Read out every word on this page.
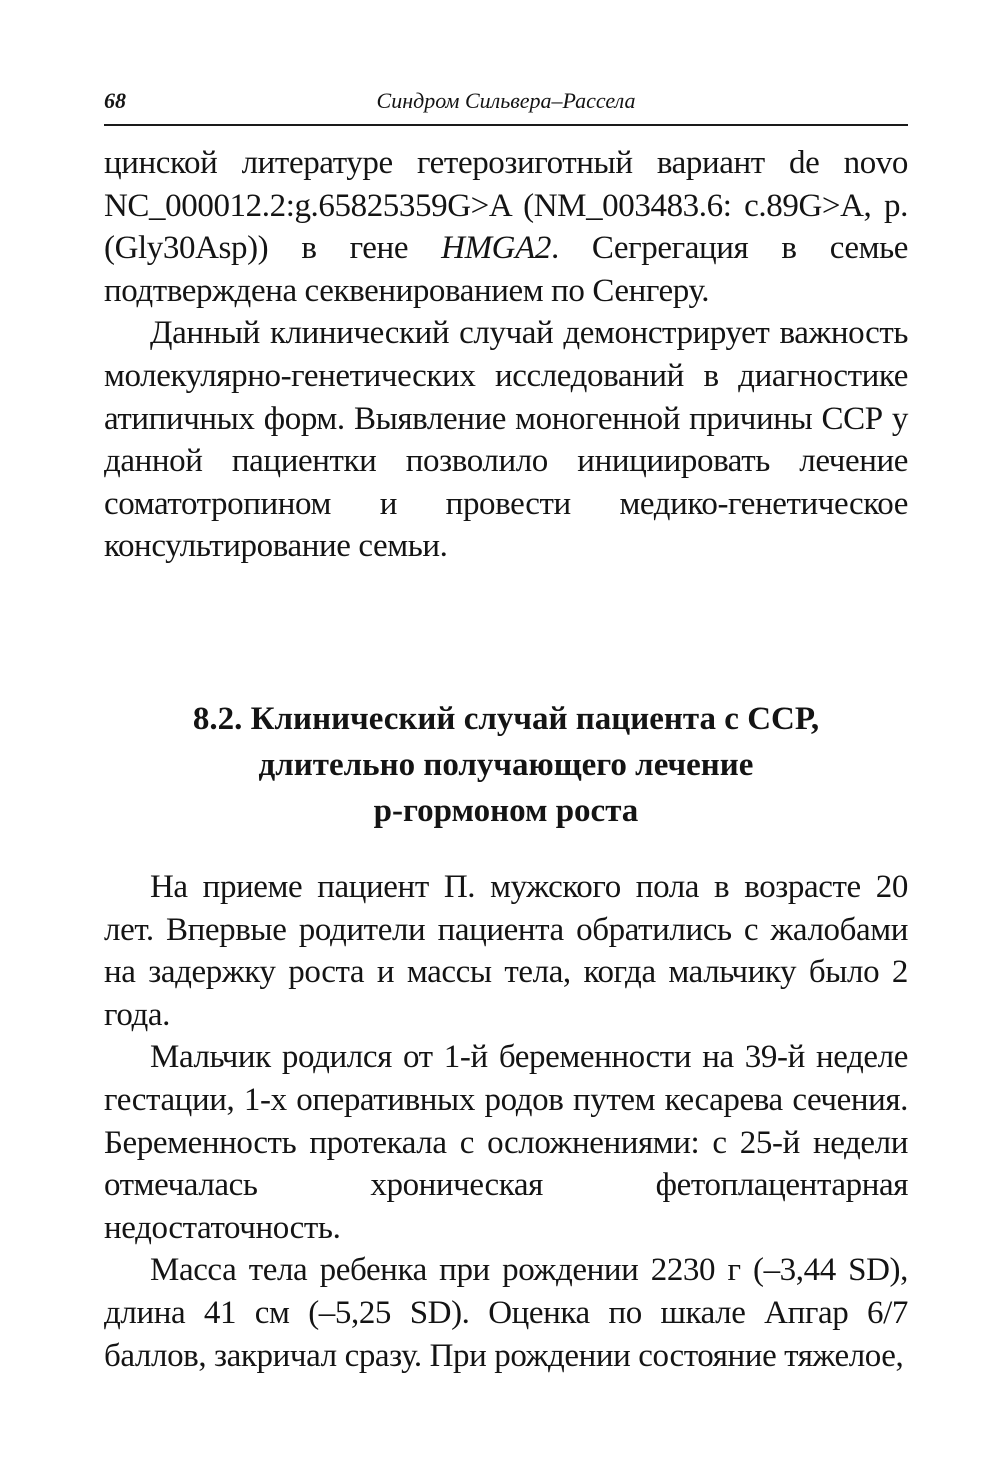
68	Синдром Сильвера–Рассела

цинской литературе гетерозиготный вариант de novo NC_000012.2:g.65825359G>A (NM_003483.6: c.89G>A, p.(Gly30Asp)) в гене HMGA2. Сегрегация в семье подтверждена секвенированием по Сенгеру.

Данный клинический случай демонстрирует важность молекулярно-генетических исследований в диагностике атипичных форм. Выявление моногенной причины ССР у данной пациентки позволило инициировать лечение соматотропином и провести медико-генетическое консультирование семьи.

8.2. Клинический случай пациента с ССР,
длительно получающего лечение
р-гормоном роста

На приеме пациент П. мужского пола в возрасте 20 лет. Впервые родители пациента обратились с жалобами на задержку роста и массы тела, когда мальчику было 2 года.

Мальчик родился от 1-й беременности на 39-й неделе гестации, 1-х оперативных родов путем кесарева сечения. Беременность протекала с осложнениями: с 25-й недели отмечалась хроническая фетоплацентарная недостаточность.

Масса тела ребенка при рождении 2230 г (–3,44 SD), длина 41 см (–5,25 SD). Оценка по шкале Апгар 6/7 баллов, закричал сразу. При рождении состояние тяжелое,
